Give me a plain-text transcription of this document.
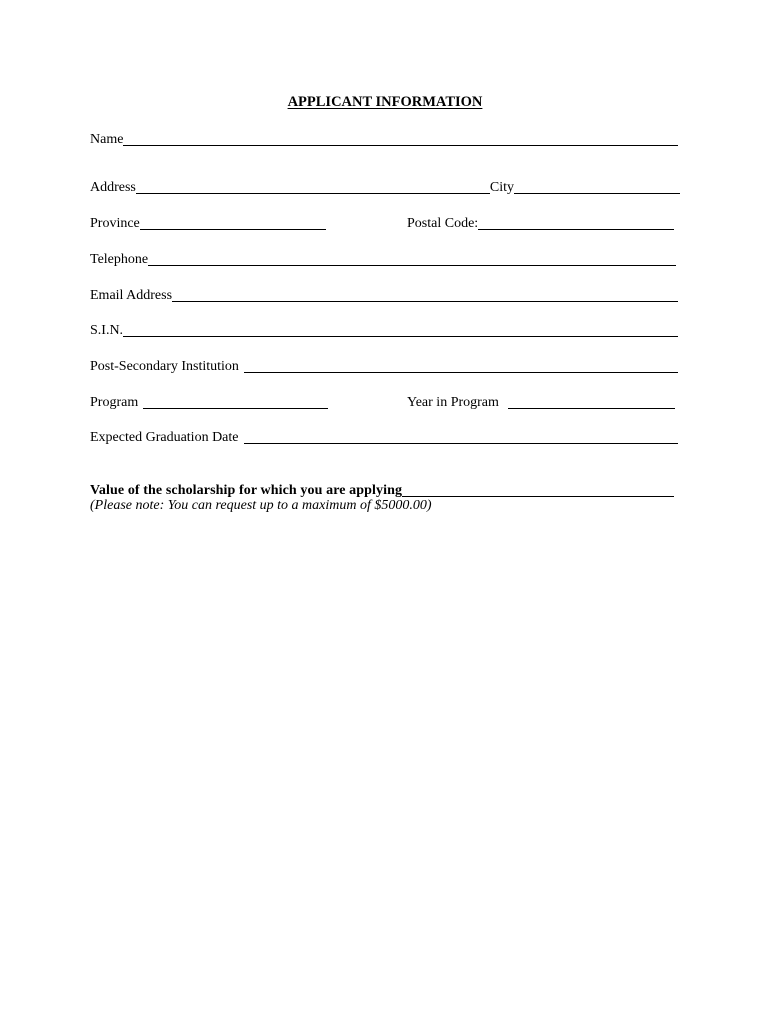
APPLICANT INFORMATION
Name
Address	City
Province	Postal Code:
Telephone
Email Address
S.I.N.
Post-Secondary Institution
Program	Year in Program
Expected Graduation Date
Value of the scholarship for which you are applying
(Please note: You can request up to a maximum of $5000.00)
